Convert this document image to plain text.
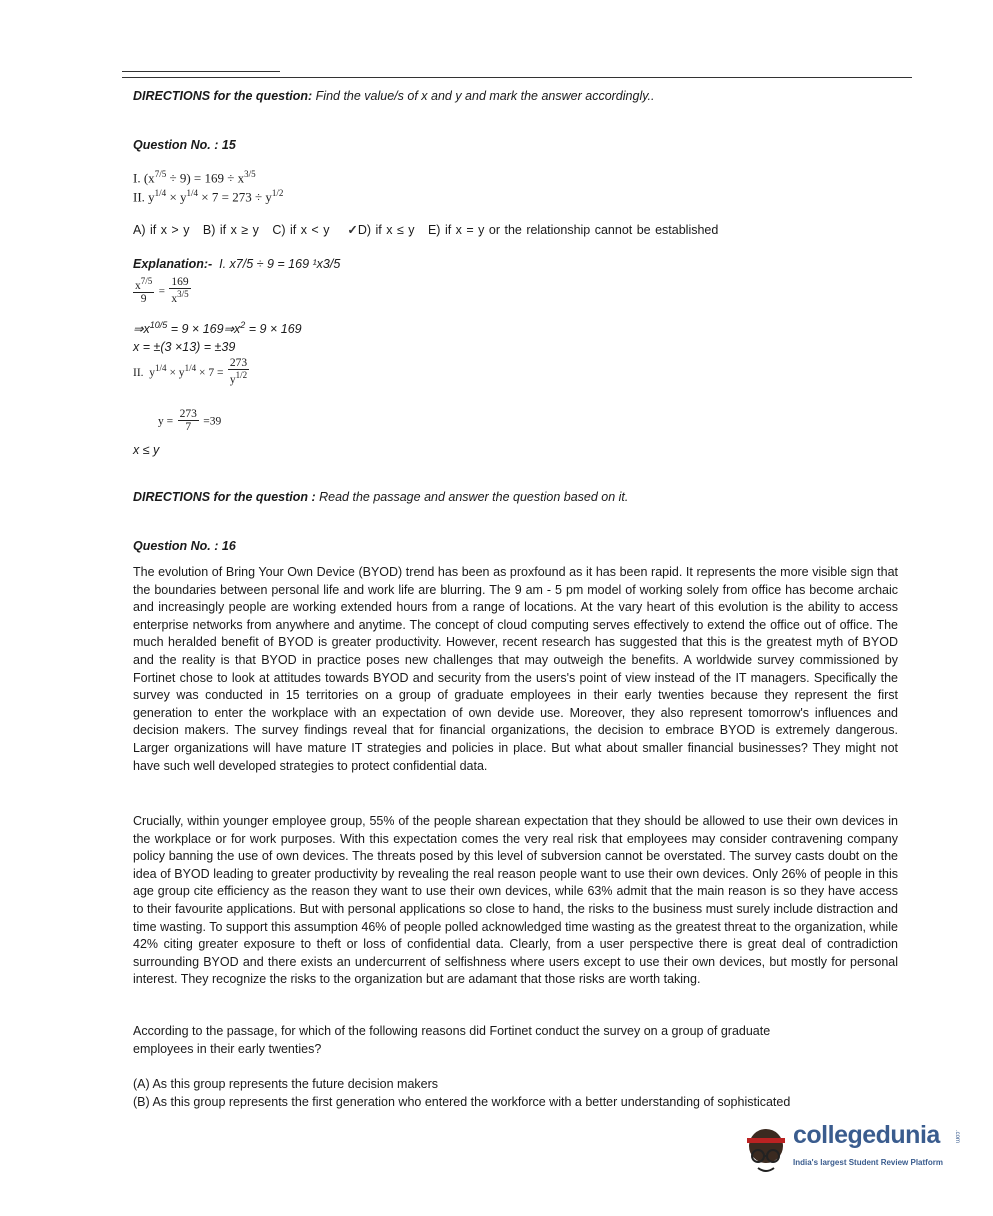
DIRECTIONS for the question: Find the value/s of x and y and mark the answer accordingly..
Question No. : 15
I. $(x^{7/5} \div 9) = 169 \div x^{3/5}$
II. $y^{1/4} \times y^{1/4} \times 7 = 273 \div y^{1/2}$
A) if x > y B) if x ≥ y C) if x < y ✓D) if x ≤ y E) if x = y or the relationship cannot be established
Explanation:- I. x7/5 ÷ 9 = 169 ¹x3/5
$\frac{x^{7/5}}{9} = \frac{169}{x^{3/5}}$
$\Rightarrow x^{10/5} = 9$ × $169\Rightarrow x^2 = 9 \times 169$
x = ±(3 ×13) = ±39
II.  $y^{1/4} \times y^{1/4} \times 7 = \frac{273}{y^{1/2}}$
$y = \frac{273}{7} =39$
x ≤ y
DIRECTIONS for the question : Read the passage and answer the question based on it.
Question No. : 16
The evolution of Bring Your Own Device (BYOD) trend has been as proxfound as it has been rapid. It represents the more visible sign that the boundaries between personal life and work life are blurring. The 9 am - 5 pm model of working solely from office has become archaic and increasingly people are working extended hours from a range of locations. At the vary heart of this evolution is the ability to access enterprise networks from anywhere and anytime. The concept of cloud computing serves effectively to extend the office out of office. The much heralded benefit of BYOD is greater productivity. However, recent research has suggested that this is the greatest myth of BYOD and the reality is that BYOD in practice poses new challenges that may outweigh the benefits. A worldwide survey commissioned by Fortinet chose to look at attitudes towards BYOD and security from the users's point of view instead of the IT managers. Specifically the survey was conducted in 15 territories on a group of graduate employees in their early twenties because they represent the first generation to enter the workplace with an expectation of own devide use. Moreover, they also represent tomorrow's influences and decision makers. The survey findings reveal that for financial organizations, the decision to embrace BYOD is extremely dangerous. Larger organizations will have mature IT strategies and policies in place. But what about smaller financial businesses? They might not have such well developed strategies to protect confidential data.
Crucially, within younger employee group, 55% of the people sharean expectation that they should be allowed to use their own devices in the workplace or for work purposes. With this expectation comes the very real risk that employees may consider contravening company policy banning the use of own devices. The threats posed by this level of subversion cannot be overstated. The survey casts doubt on the idea of BYOD leading to greater productivity by revealing the real reason people want to use their own devices. Only 26% of people in this age group cite efficiency as the reason they want to use their own devices, while 63% admit that the main reason is so they have access to their favourite applications. But with personal applications so close to hand, the risks to the business must surely include distraction and time wasting. To support this assumption 46% of people polled acknowledged time wasting as the greatest threat to the organization, while 42% citing greater exposure to theft or loss of confidential data. Clearly, from a user perspective there is great deal of contradiction surrounding BYOD and there exists an undercurrent of selfishness where users except to use their own devices, but mostly for personal interest. They recognize the risks to the organization but are adamant that those risks are worth taking.
According to the passage, for which of the following reasons did Fortinet conduct the survey on a group of graduate
employees in their early twenties?
(A) As this group represents the future decision makers
(B) As this group represents the first generation who entered the workforce with a better understanding of sophisticated
collegedunia .com
India's largest Student Review Platform
